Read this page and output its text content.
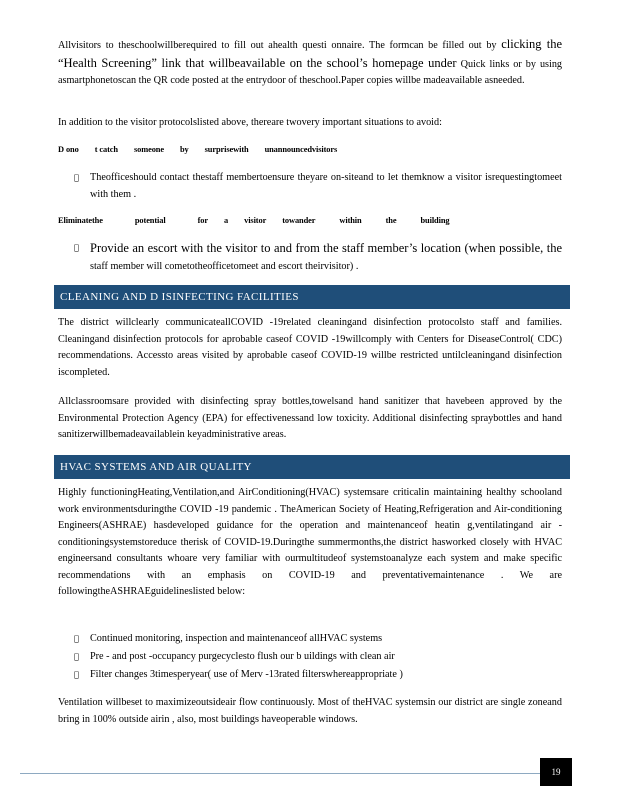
Allvisitors to theschoolwillberequired to fill out ahealth questi onnaire. The formcan be filled out by clicking the “Health Screening” link that willbeavailable on the school’s homepage under Quick links or by using asmartphonetoscan the QR code posted at the entrydoor of theschool.Paper copies willbe madeavailable asneeded.

In addition to the visitor protocolslisted above, thereare twovery important situations to avoid:

D ono t catch someone by surprisewith unannouncedvisitors

Theofficeshould contact thestaff membertoensure theyare on-siteand to let themknow a visitor isrequestingtomeet with them .

Eliminatethe	potential	for a visitor towander	within	the	building

Provide an escort with the visitor to and from the staff member’s location (when possible, the staff member will cometotheofficetomeet and escort theirvisitor) .
CLEANING AND D ISINFECTING FACILITIES

The district willclearly communicateallCOVID -19related cleaningand disinfection protocolsto staff and families. Cleaningand disinfection protocols for aprobable caseof COVID -19willcomply with Centers for DiseaseControl( CDC) recommendations. Accessto areas visited by aprobable caseof COVID-19 willbe restricted untilcleaningand disinfection iscompleted.

Allclassroomsare provided with disinfecting spray bottles,towelsand hand sanitizer that havebeen approved by the Environmental Protection Agency (EPA) for effectivenessand low toxicity. Additional disinfecting spraybottles and hand sanitizerwillbemadeavailablein keyadministrative areas.

HVAC SYSTEMS AND AIR QUALITY

Highly functioningHeating,Ventilation,and AirConditioning(HVAC) systemsare criticalin maintaining healthy schooland work environmentsduringthe COVID -19 pandemic . TheAmerican Society of Heating,Refrigeration and Air-conditioning Engineers(ASHRAE) hasdeveloped guidance for the operation and maintenanceof heatin g,ventilatingand air -conditioningsystemstoreduce therisk of COVID-19.Duringthe summermonths,the district hasworked closely with HVAC engineersand consultants whoare very familiar with ourmultitudeof systemstoanalyze each system and make specific recommendations with an emphasis on COVID-19 and preventativemaintenance . We are followingtheASHRAEguidelineslisted below:

Continued monitoring, inspection and maintenanceof allHVAC systems
Pre - and post -occupancy purgecyclesto flush our b uildings with clean air
Filter changes 3timesperyear( use of Merv -13rated filterswhereappropriate )

Ventilation willbeset to maximizeoutsideair flow continuously. Most of theHVAC systemsin our district are single zoneand bring in 100% outside airin , also, most buildings haveoperable windows.

19
